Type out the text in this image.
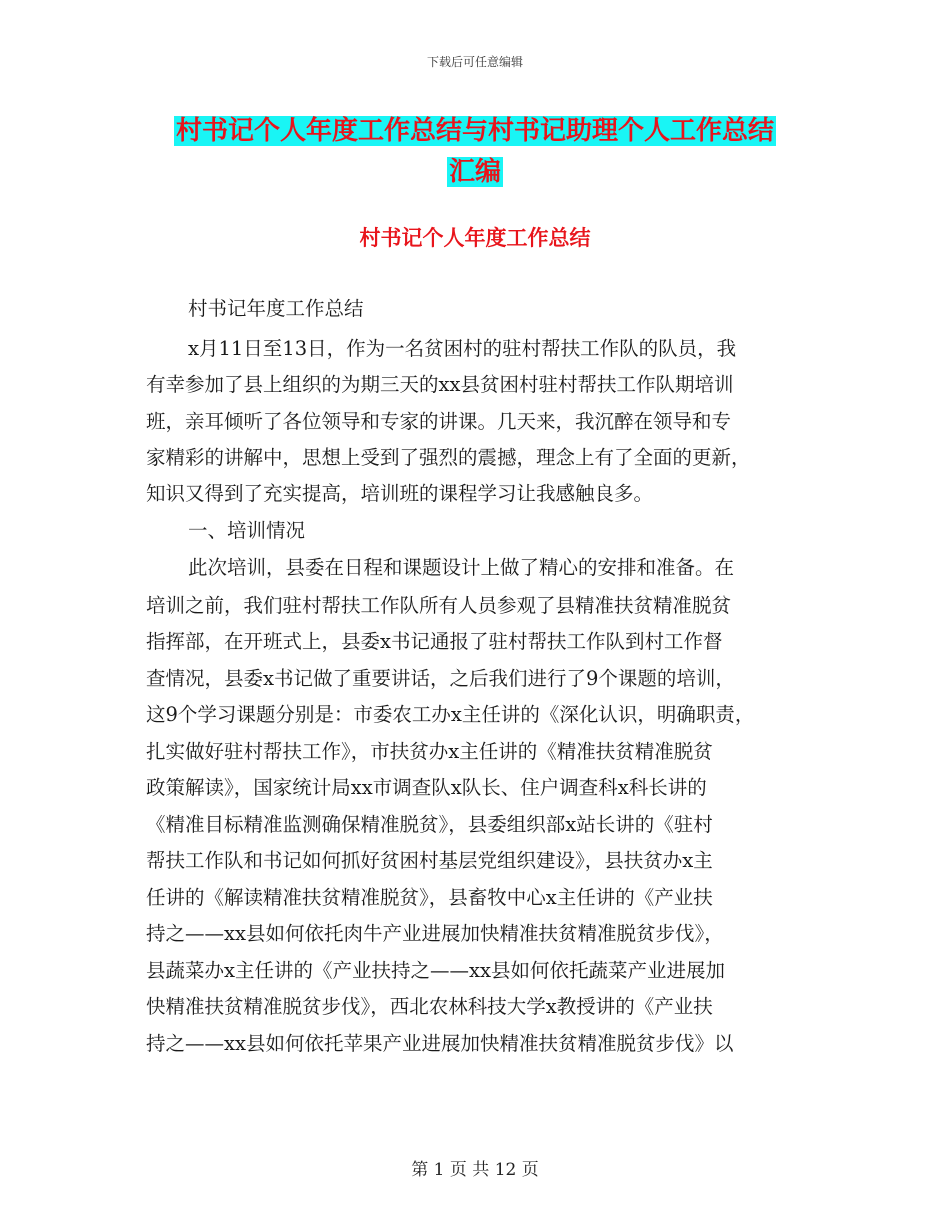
下载后可任意编辑
村书记个人年度工作总结与村书记助理个人工作总结
汇编
村书记个人年度工作总结
村书记年度工作总结
x月11日至13日，作为一名贫困村的驻村帮扶工作队的队员，我
有幸参加了县上组织的为期三天的xx县贫困村驻村帮扶工作队期培训
班，亲耳倾听了各位领导和专家的讲课。几天来，我沉醉在领导和专
家精彩的讲解中，思想上受到了强烈的震撼，理念上有了全面的更新，
知识又得到了充实提高，培训班的课程学习让我感触良多。
一、培训情况
此次培训，县委在日程和课题设计上做了精心的安排和准备。在
培训之前，我们驻村帮扶工作队所有人员参观了县精准扶贫精准脱贫
指挥部，在开班式上，县委x书记通报了驻村帮扶工作队到村工作督
查情况，县委x书记做了重要讲话，之后我们进行了9个课题的培训，
这9个学习课题分别是：市委农工办x主任讲的《深化认识，明确职责，
扎实做好驻村帮扶工作》，市扶贫办x主任讲的《精准扶贫精准脱贫
政策解读》，国家统计局xx市调查队x队长、住户调查科x科长讲的
《精准目标精准监测确保精准脱贫》，县委组织部x站长讲的《驻村
帮扶工作队和书记如何抓好贫困村基层党组织建设》，县扶贫办x主
任讲的《解读精准扶贫精准脱贫》，县畜牧中心x主任讲的《产业扶
持之——xx县如何依托肉牛产业进展加快精准扶贫精准脱贫步伐》，
县蔬菜办x主任讲的《产业扶持之——xx县如何依托蔬菜产业进展加
快精准扶贫精准脱贫步伐》，西北农林科技大学x教授讲的《产业扶
持之——xx县如何依托苹果产业进展加快精准扶贫精准脱贫步伐》以
第 1 页 共 12 页
